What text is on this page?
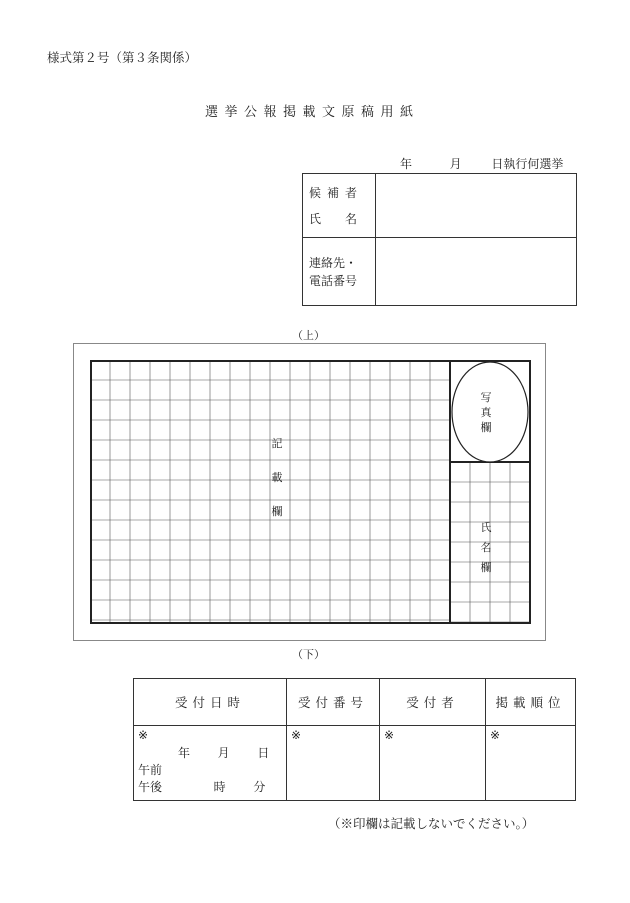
様式第２号（第３条関係）
選挙公報掲載文原稿用紙
年	月 日執行何選挙
候補者
氏　名	

連絡先・
電話番号	

（上）
記
載
欄
写
真
欄
氏
名
欄
（下）
受付日時	受付番号	受付者	掲載順位

※
年 月 日
午前
午後 時 分	※	※	※
（※印欄は記載しないでください。）
